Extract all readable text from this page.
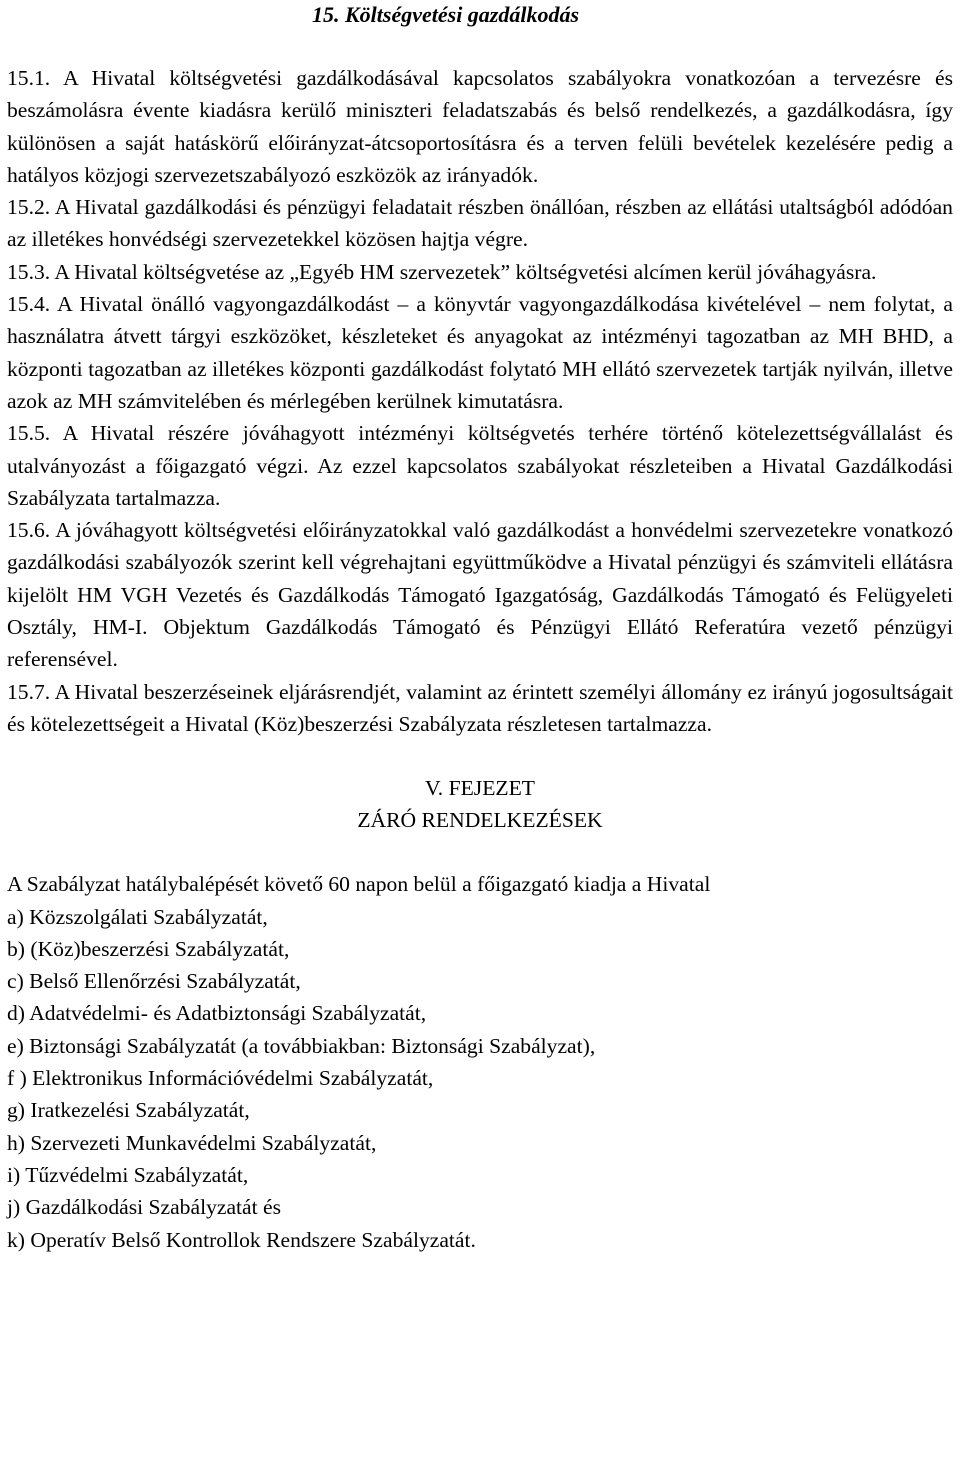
15. Költségvetési gazdálkodás

15.1. A Hivatal költségvetési gazdálkodásával kapcsolatos szabályokra vonatkozóan a tervezésre és beszámolásra évente kiadásra kerülő miniszteri feladatszabás és belső rendelkezés, a gazdálkodásra, így különösen a saját hatáskörű előirányzat-átcsoportosításra és a terven felüli bevételek kezelésére pedig a hatályos közjogi szervezetszabályozó eszközök az irányadók.

15.2. A Hivatal gazdálkodási és pénzügyi feladatait részben önállóan, részben az ellátási utaltságból adódóan az illetékes honvédségi szervezetekkel közösen hajtja végre.

15.3. A Hivatal költségvetése az „Egyéb HM szervezetek” költségvetési alcímen kerül jóváhagyásra.

15.4. A Hivatal önálló vagyongazdálkodást – a könyvtár vagyongazdálkodása kivételével – nem folytat, a használatra átvett tárgyi eszközöket, készleteket és anyagokat az intézményi tagozatban az MH BHD, a központi tagozatban az illetékes központi gazdálkodást folytató MH ellátó szervezetek tartják nyilván, illetve azok az MH számvitelében és mérlegében kerülnek kimutatásra.

15.5. A Hivatal részére jóváhagyott intézményi költségvetés terhére történő kötelezettségvállalást és utalványozást a főigazgató végzi. Az ezzel kapcsolatos szabályokat részleteiben a Hivatal Gazdálkodási Szabályzata tartalmazza.

15.6. A jóváhagyott költségvetési előirányzatokkal való gazdálkodást a honvédelmi szervezetekre vonatkozó gazdálkodási szabályozók szerint kell végrehajtani együttműködve a Hivatal pénzügyi és számviteli ellátásra kijelölt HM VGH Vezetés és Gazdálkodás Támogató Igazgatóság, Gazdálkodás Támogató és Felügyeleti Osztály, HM-I. Objektum Gazdálkodás Támogató és Pénzügyi Ellátó Referatúra vezető pénzügyi referensével.

15.7. A Hivatal beszerzéseinek eljárásrendjét, valamint az érintett személyi állomány ez irányú jogosultságait és kötelezettségeit a Hivatal (Köz)beszerzési Szabályzata részletesen tartalmazza.

V. FEJEZET

ZÁRÓ RENDELKEZÉSEK

A Szabályzat hatálybalépését követő 60 napon belül a főigazgató kiadja a Hivatal

a) Közszolgálati Szabályzatát,
b) (Köz)beszerzési Szabályzatát,
c) Belső Ellenőrzési Szabályzatát,
d) Adatvédelmi- és Adatbiztonsági Szabályzatát,
e) Biztonsági Szabályzatát (a továbbiakban: Biztonsági Szabályzat),
f ) Elektronikus Információvédelmi Szabályzatát,
g) Iratkezelési Szabályzatát,
h) Szervezeti Munkavédelmi Szabályzatát,
i) Tűzvédelmi Szabályzatát,
j) Gazdálkodási Szabályzatát és
k) Operatív Belső Kontrollok Rendszere Szabályzatát.
